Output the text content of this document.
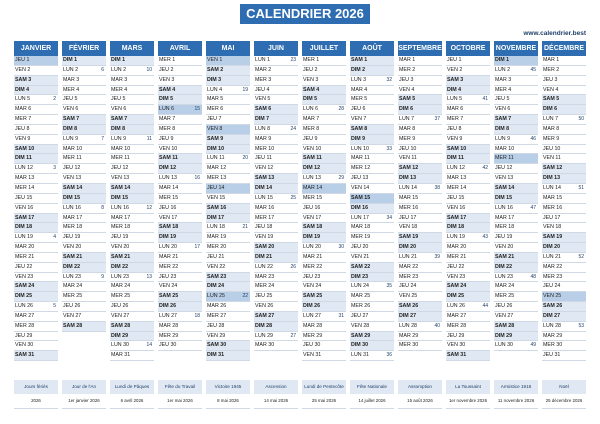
CALENDRIER 2026
www.calendrier.best
JANVIER
JEU 1
VEN 2
SAM 3
DIM 4
LUN 5	2
MAR 6
MER 7
JEU 8
VEN 9
SAM 10
DIM 11
LUN 12	3
MAR 13
MER 14
JEU 15
VEN 16
SAM 17
DIM 18
LUN 19	4
MAR 20
MER 21
JEU 22
VEN 23
SAM 24
DIM 25
LUN 26	5
MAR 27
MER 28
JEU 29
VEN 30
SAM 31
FÉVRIER
DIM 1
LUN 2	6
MAR 3
MER 4
JEU 5
VEN 6
SAM 7
DIM 8
LUN 9	7
MAR 10
MER 11
JEU 12
VEN 13
SAM 14
DIM 15
LUN 16	8
MAR 17
MER 18
JEU 19
VEN 20
SAM 21
DIM 22
LUN 23	9
MAR 24
MER 25
JEU 26
VEN 27
SAM 28
MARS
DIM 1
LUN 2	10
MAR 3
MER 4
JEU 5
VEN 6
SAM 7
DIM 8
LUN 9	11
MAR 10
MER 11
JEU 12
VEN 13
SAM 14
DIM 15
LUN 16	12
MAR 17
MER 18
JEU 19
VEN 20
SAM 21
DIM 22
LUN 23	13
MAR 24
MER 25
JEU 26
VEN 27
SAM 28
DIM 29
LUN 30	14
MAR 31
AVRIL
MER 1
JEU 2
VEN 3
SAM 4
DIM 5
LUN 6	15
MAR 7
MER 8
JEU 9
VEN 10
SAM 11
DIM 12
LUN 13	16
MAR 14
MER 15
JEU 16
VEN 17
SAM 18
DIM 19
LUN 20	17
MAR 21
MER 22
JEU 23
VEN 24
SAM 25
DIM 26
LUN 27	18
MAR 28
MER 29
JEU 30
MAI
VEN 1
SAM 2
DIM 3
LUN 4	19
MAR 5
MER 6
JEU 7
VEN 8
SAM 9
DIM 10
LUN 11	20
MAR 12
MER 13
JEU 14
VEN 15
SAM 16
DIM 17
LUN 18	21
MAR 19
MER 20
JEU 21
VEN 22
SAM 23
DIM 24
LUN 25	22
MAR 26
MER 27
JEU 28
VEN 29
SAM 30
DIM 31
JUIN
LUN 1	23
MAR 2
MER 3
JEU 4
VEN 5
SAM 6
DIM 7
LUN 8	24
MAR 9
MER 10
JEU 11
VEN 12
SAM 13
DIM 14
LUN 15	25
MAR 16
MER 17
JEU 18
VEN 19
SAM 20
DIM 21
LUN 22	26
MAR 23
MER 24
JEU 25
VEN 26
SAM 27
DIM 28
LUN 29	27
MAR 30
JUILLET
MER 1
JEU 2
VEN 3
SAM 4
DIM 5
LUN 6	28
MAR 7
MER 8
JEU 9
VEN 10
SAM 11
DIM 12
LUN 13	29
MAR 14
MER 15
JEU 16
VEN 17
SAM 18
DIM 19
LUN 20	30
MAR 21
MER 22
JEU 23
VEN 24
SAM 25
DIM 26
LUN 27	31
MAR 28
MER 29
JEU 30
VEN 31
AOÛT
SAM 1
DIM 2
LUN 3	32
MAR 4
MER 5
JEU 6
VEN 7
SAM 8
DIM 9
LUN 10	33
MAR 11
MER 12
JEU 13
VEN 14
SAM 15
DIM 16
LUN 17	34
MAR 18
MER 19
JEU 20
VEN 21
SAM 22
DIM 23
LUN 24	35
MAR 25
MER 26
JEU 27
VEN 28
SAM 29
DIM 30
LUN 31	36
SEPTEMBRE
MAR 1
MER 2
JEU 3
VEN 4
SAM 5
DIM 6
LUN 7	37
MAR 8
MER 9
JEU 10
VEN 11
SAM 12
DIM 13
LUN 14	38
MAR 15
MER 16
JEU 17
VEN 18
SAM 19
DIM 20
LUN 21	39
MAR 22
MER 23
JEU 24
VEN 25
SAM 26
DIM 27
LUN 28	40
MAR 29
MER 30
OCTOBRE
JEU 1
VEN 2
SAM 3
DIM 4
LUN 5	41
MAR 6
MER 7
JEU 8
VEN 9
SAM 10
DIM 11
LUN 12	42
MAR 13
MER 14
JEU 15
VEN 16
SAM 17
DIM 18
LUN 19	43
MAR 20
MER 21
JEU 22
VEN 23
SAM 24
DIM 25
LUN 26	44
MAR 27
MER 28
JEU 29
VEN 30
SAM 31
NOVEMBRE
DIM 1
LUN 2	45
MAR 3
MER 4
JEU 5
VEN 6
SAM 7
DIM 8
LUN 9	46
MAR 10
MER 11
JEU 12
VEN 13
SAM 14
DIM 15
LUN 16	47
MAR 17
MER 18
JEU 19
VEN 20
SAM 21
DIM 22
LUN 23	48
MAR 24
MER 25
JEU 26
VEN 27
SAM 28
DIM 29
LUN 30	49
DÉCEMBRE
MAR 1
MER 2
JEU 3
VEN 4
SAM 5
DIM 6
LUN 7	50
MAR 8
MER 9
JEU 10
VEN 11
SAM 12
DIM 13
LUN 14	51
MAR 15
MER 16
JEU 17
VEN 18
SAM 19
DIM 20
LUN 21	52
MAR 22
MER 23
JEU 24
VEN 25
SAM 26
DIM 27
LUN 28	53
MAR 29
MER 30
JEU 31
Jours fériés
2026
Jour de l'An
1er janvier 2026
Lundi de Pâques
6 avril 2026
Fête du Travail
1er mai 2026
Victoire 1945
8 mai 2026
Ascension
14 mai 2026
Lundi de Pentecôte
25 mai 2026
Fête Nationale
14 juillet 2026
Assomption
15 août 2026
La Toussaint
1er novembre 2026
Armistice 1918
11 novembre 2026
Noël
25 décembre 2026
